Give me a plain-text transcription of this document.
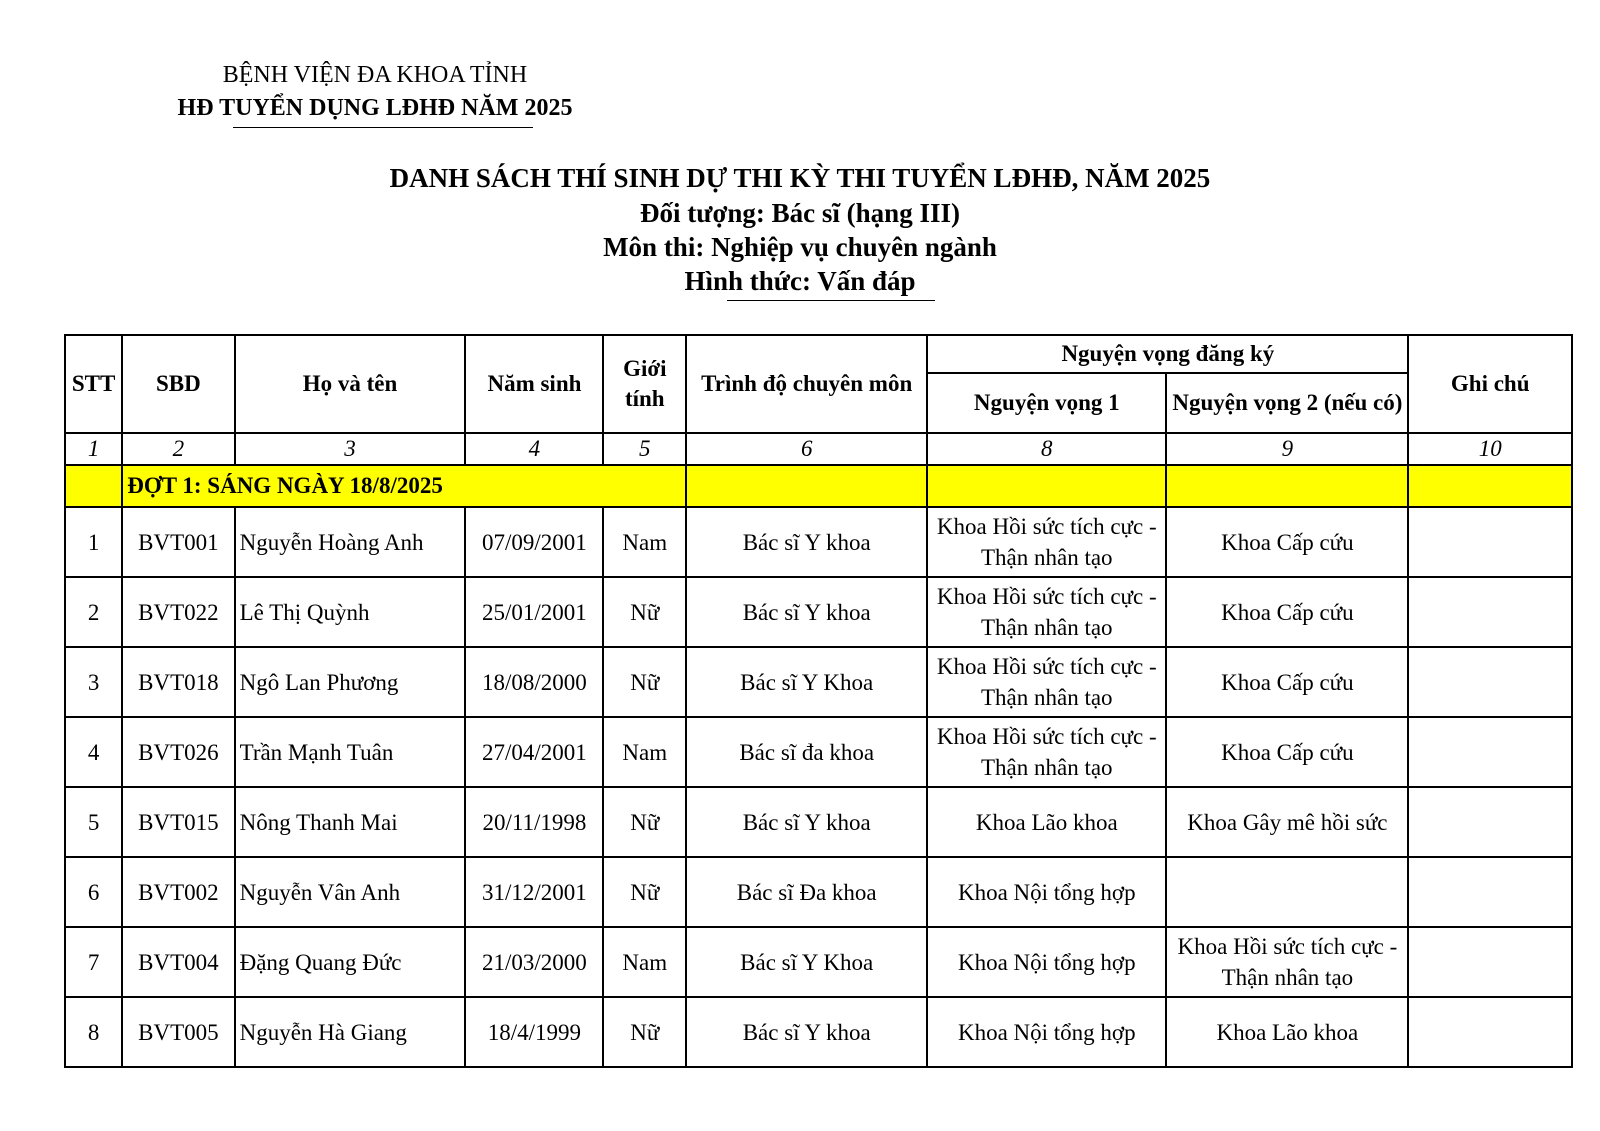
BỆNH VIỆN ĐA KHOA TỈNH
HĐ TUYỂN DỤNG LĐHĐ NĂM 2025
DANH SÁCH THÍ SINH DỰ THI KỲ THI TUYỂN LĐHĐ, NĂM 2025
Đối tượng: Bác sĩ (hạng III)
Môn thi: Nghiệp vụ chuyên ngành
Hình thức: Vấn đáp
STT	SBD	Họ và tên	Năm sinh	Giới tính	Trình độ chuyên môn	Nguyện vọng đăng ký		Ghi chú
						Nguyện vọng 1	Nguyện vọng 2 (nếu có)	
1	2	3	4	5	6	8	9	10
	ĐỢT 1: SÁNG NGÀY 18/8/2025							
1	BVT001	Nguyễn Hoàng Anh	07/09/2001	Nam	Bác sĩ Y khoa	Khoa Hồi sức tích cực - Thận nhân tạo	Khoa Cấp cứu	
2	BVT022	Lê Thị Quỳnh	25/01/2001	Nữ	Bác sĩ Y khoa	Khoa Hồi sức tích cực - Thận nhân tạo	Khoa Cấp cứu	
3	BVT018	Ngô Lan Phương	18/08/2000	Nữ	Bác sĩ Y Khoa	Khoa Hồi sức tích cực - Thận nhân tạo	Khoa Cấp cứu	
4	BVT026	Trần Mạnh Tuân	27/04/2001	Nam	Bác sĩ đa khoa	Khoa Hồi sức tích cực - Thận nhân tạo	Khoa Cấp cứu	
5	BVT015	Nông Thanh Mai	20/11/1998	Nữ	Bác sĩ Y khoa	Khoa Lão khoa	Khoa Gây mê hồi sức	
6	BVT002	Nguyễn Vân Anh	31/12/2001	Nữ	Bác sĩ Đa khoa	Khoa Nội tổng hợp		
7	BVT004	Đặng Quang Đức	21/03/2000	Nam	Bác sĩ Y Khoa	Khoa Nội tổng hợp	Khoa Hồi sức tích cực - Thận nhân tạo	
8	BVT005	Nguyễn Hà Giang	18/4/1999	Nữ	Bác sĩ Y khoa	Khoa Nội tổng hợp	Khoa Lão khoa	
